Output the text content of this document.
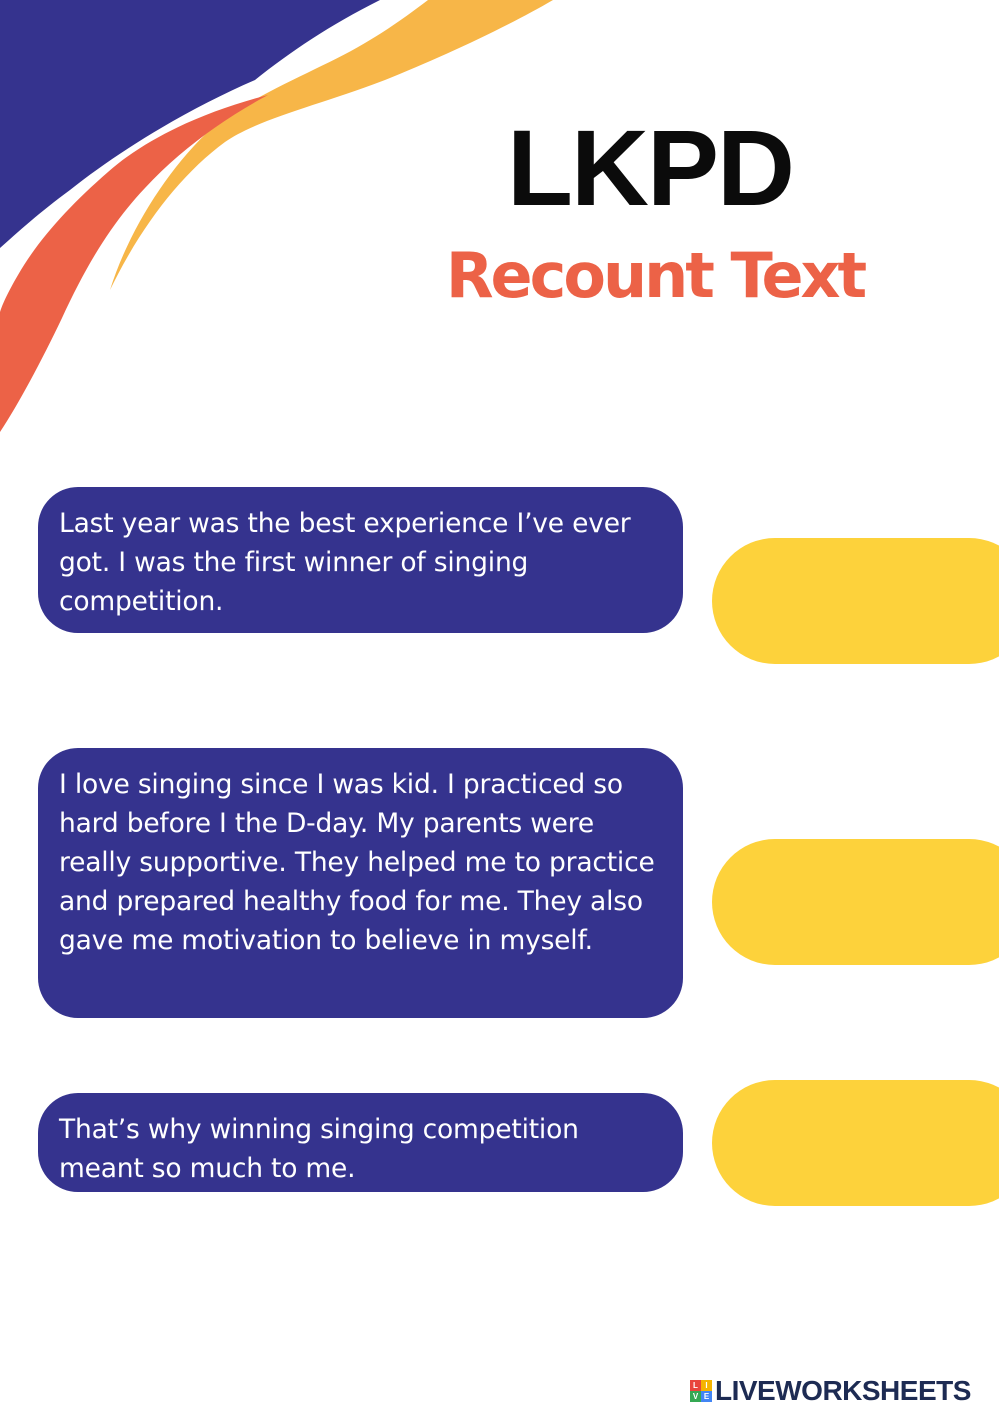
LKPD
Recount Text
Last year was the best experience I’ve ever got. I was the first winner of singing competition.
I love singing since I was kid. I practiced so hard before I the D-day. My parents were really supportive. They helped me to practice and prepared healthy food for me. They also gave me motivation to believe in myself.
That’s why winning singing competition meant so much to me.
L I
V E LIVEWORKSHEETS
